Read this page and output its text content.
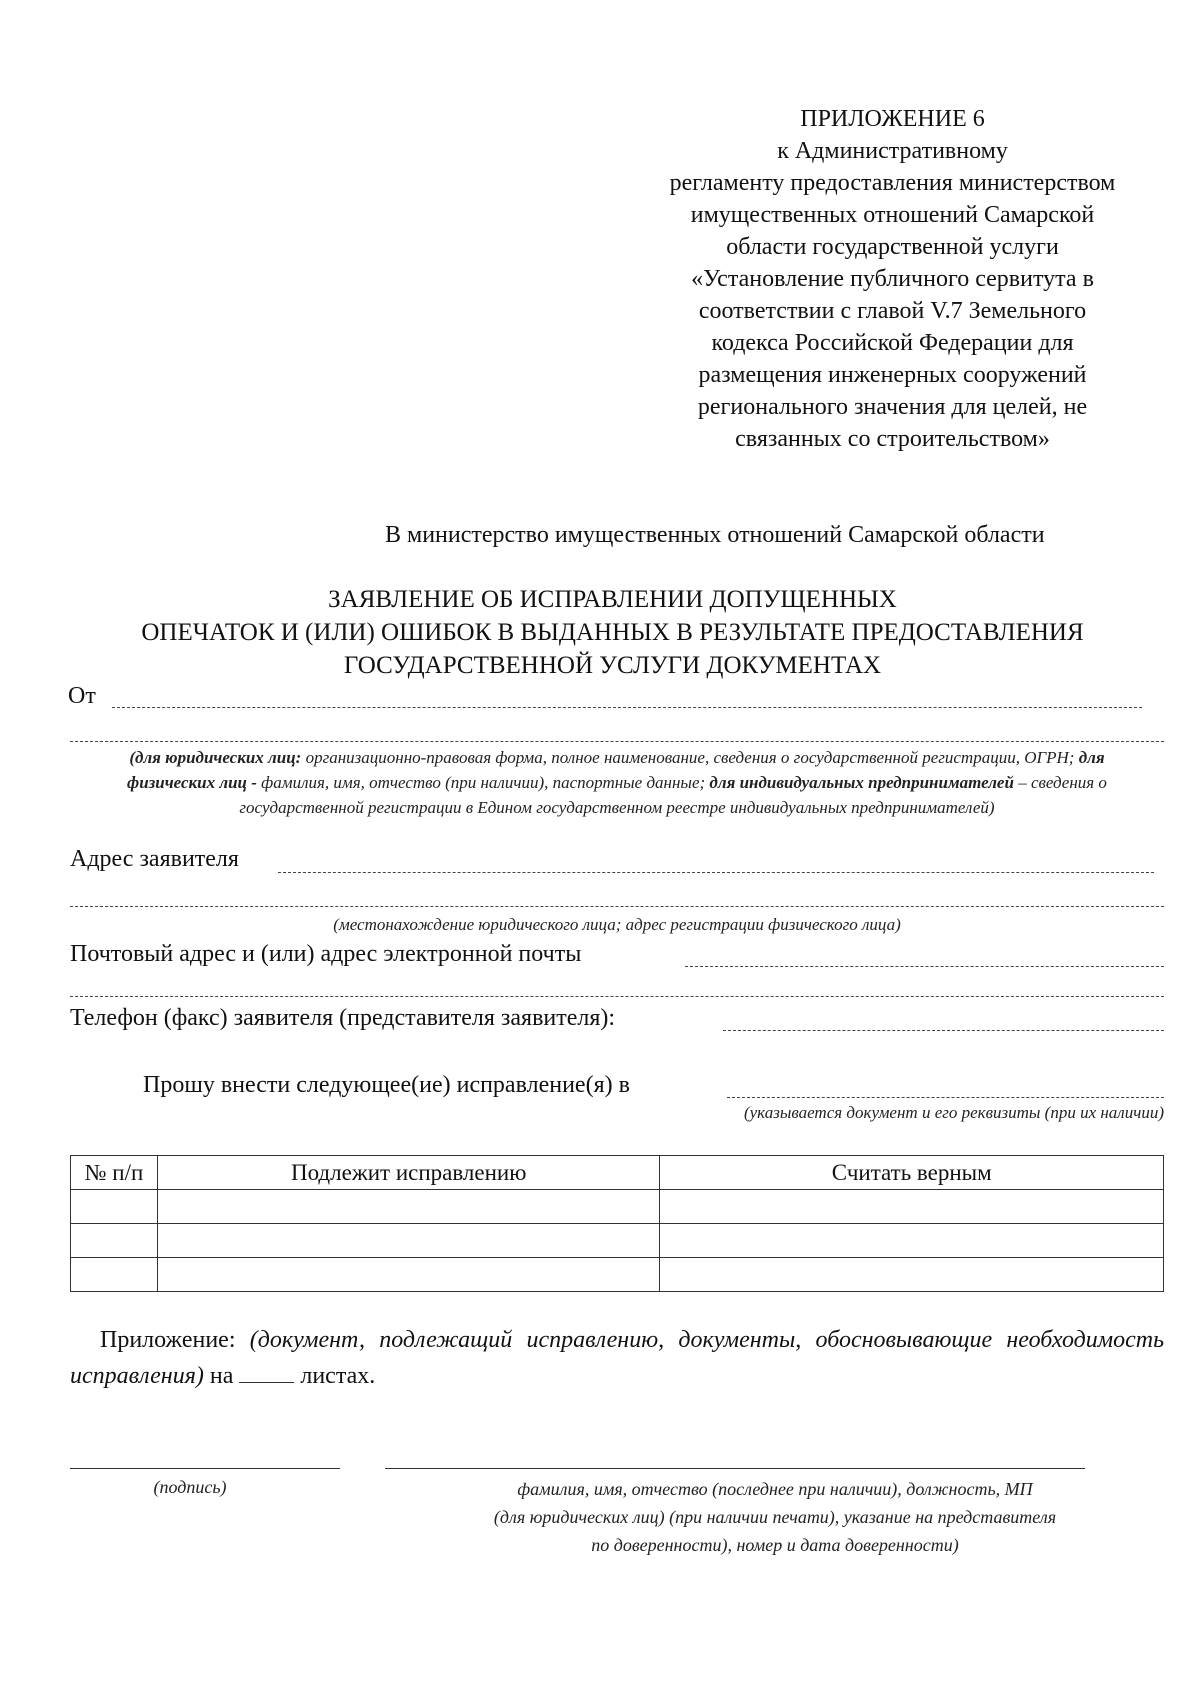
ПРИЛОЖЕНИЕ 6
к Административному
регламенту предоставления министерством
имущественных отношений Самарской
области государственной услуги
«Установление публичного сервитута в
соответствии с главой V.7 Земельного
кодекса Российской Федерации для
размещения инженерных сооружений
регионального значения для целей, не
связанных со строительством»
В министерство имущественных отношений Самарской области
ЗАЯВЛЕНИЕ ОБ ИСПРАВЛЕНИИ ДОПУЩЕННЫХ
ОПЕЧАТОК И (ИЛИ) ОШИБОК В ВЫДАННЫХ В РЕЗУЛЬТАТЕ ПРЕДОСТАВЛЕНИЯ
ГОСУДАРСТВЕННОЙ УСЛУГИ ДОКУМЕНТАХ
От
(для юридических лиц: организационно-правовая форма, полное наименование, сведения о государственной регистрации, ОГРН; для физических лиц - фамилия, имя, отчество (при наличии), паспортные данные; для индивидуальных предпринимателей – сведения о государственной регистрации в Едином государственном реестре индивидуальных предпринимателей)
Адрес заявителя
(местонахождение юридического лица; адрес регистрации физического лица)
Почтовый адрес и (или) адрес электронной почты
Телефон (факс) заявителя (представителя заявителя):
Прошу внести следующее(ие) исправление(я) в
(указывается документ и его реквизиты (при их наличии)
№ п/п	Подлежит исправлению	Считать верным

Приложение: (документ, подлежащий исправлению, документы, обосновывающие необходимость исправления) на	листах.
(подпись)	фамилия, имя, отчество (последнее при наличии), должность, МП
(для юридических лиц) (при наличии печати), указание на представителя
по доверенности), номер и дата доверенности)
